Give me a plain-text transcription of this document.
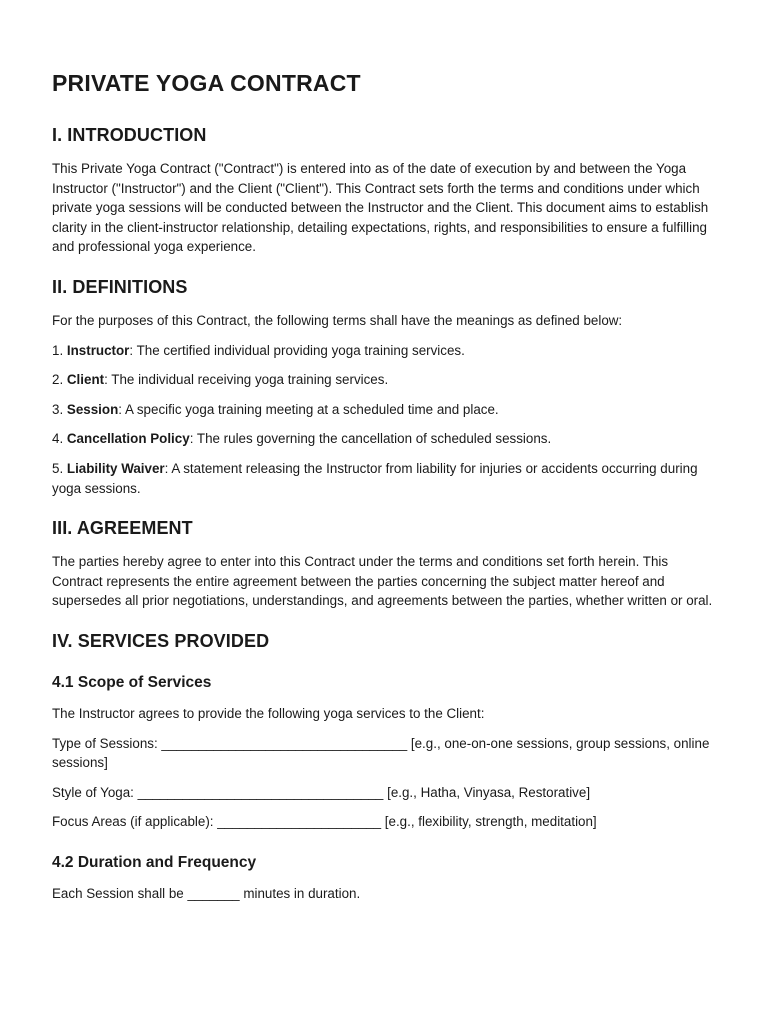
PRIVATE YOGA CONTRACT
I. INTRODUCTION

This Private Yoga Contract ("Contract") is entered into as of the date of execution by and between the Yoga Instructor ("Instructor") and the Client ("Client"). This Contract sets forth the terms and conditions under which private yoga sessions will be conducted between the Instructor and the Client. This document aims to establish clarity in the client-instructor relationship, detailing expectations, rights, and responsibilities to ensure a fulfilling and professional yoga experience.

II. DEFINITIONS

For the purposes of this Contract, the following terms shall have the meanings as defined below:

1. Instructor: The certified individual providing yoga training services.

2. Client: The individual receiving yoga training services.

3. Session: A specific yoga training meeting at a scheduled time and place.

4. Cancellation Policy: The rules governing the cancellation of scheduled sessions.

5. Liability Waiver: A statement releasing the Instructor from liability for injuries or accidents occurring during yoga sessions.

III. AGREEMENT

The parties hereby agree to enter into this Contract under the terms and conditions set forth herein. This Contract represents the entire agreement between the parties concerning the subject matter hereof and supersedes all prior negotiations, understandings, and agreements between the parties, whether written or oral.

IV. SERVICES PROVIDED
4.1 Scope of Services

The Instructor agrees to provide the following yoga services to the Client:

Type of Sessions: _________________________________ [e.g., one-on-one sessions, group sessions, online sessions]

Style of Yoga: _________________________________ [e.g., Hatha, Vinyasa, Restorative]

Focus Areas (if applicable): ______________________ [e.g., flexibility, strength, meditation]

4.2 Duration and Frequency

Each Session shall be _______ minutes in duration.
